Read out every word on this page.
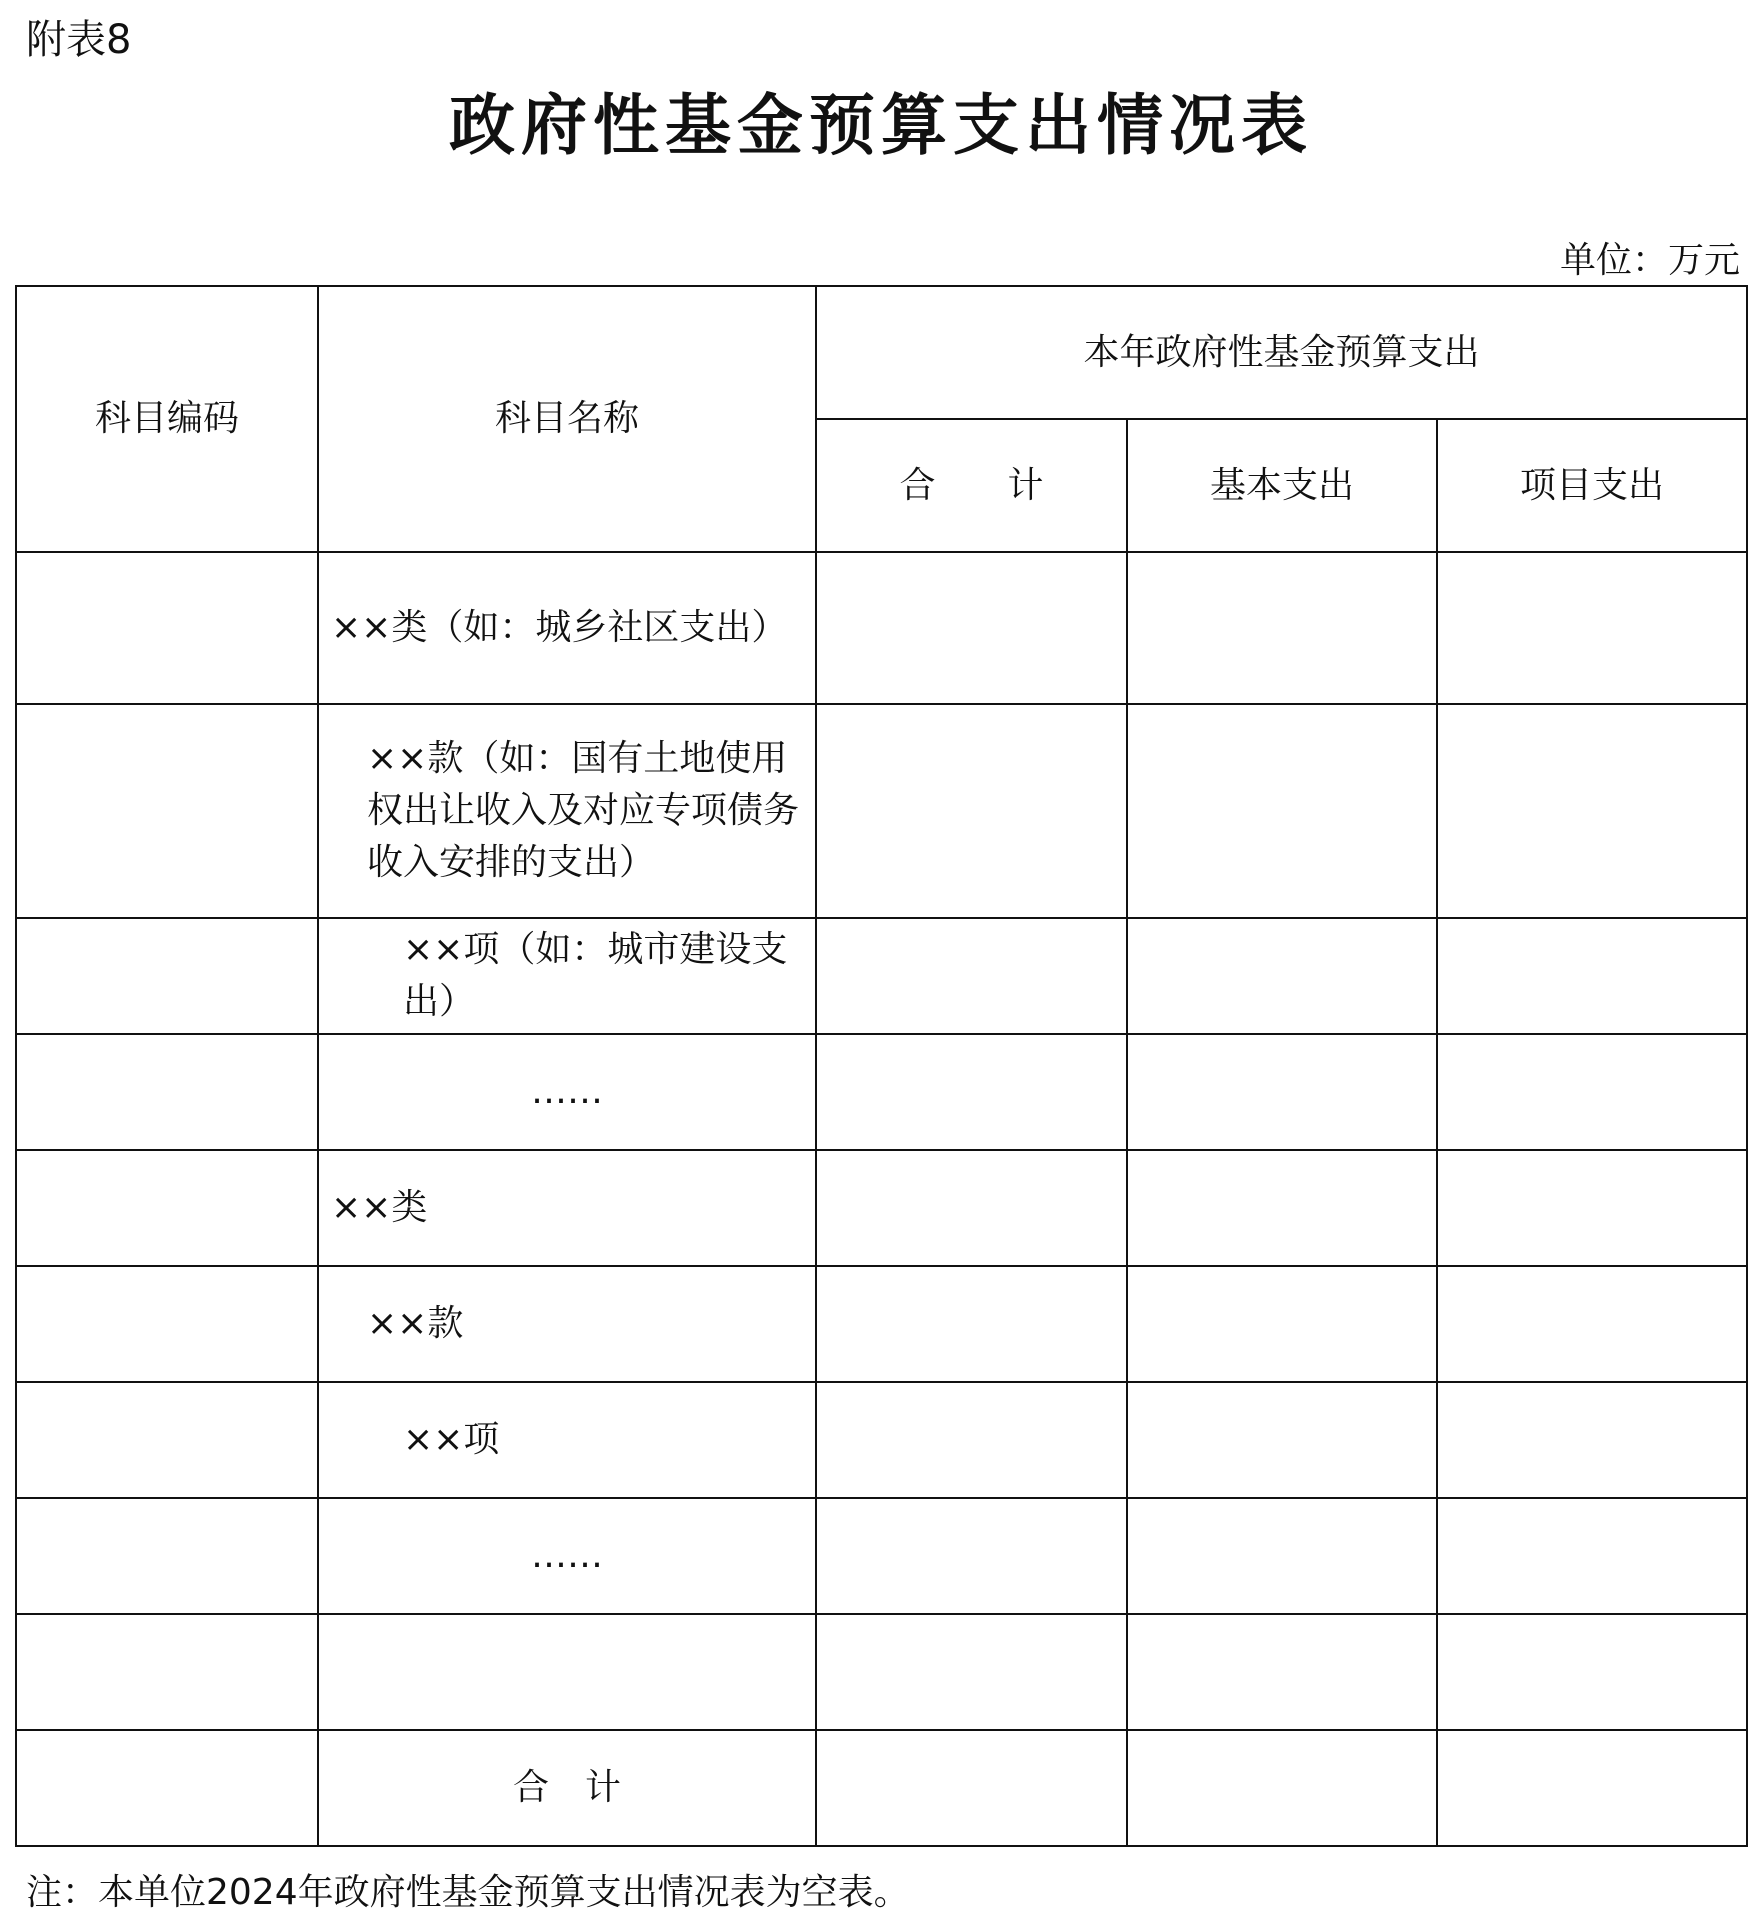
附表8
政府性基金预算支出情况表
单位：万元
科目编码	科目名称	本年政府性基金预算支出		
		合　　计	基本支出	项目支出
	××类（如：城乡社区支出）			
	××款（如：国有土地使用权出让收入及对应专项债务收入安排的支出）			
	××项（如：城市建设支出）			
	……			
	××类			
	××款			
	××项			
	……			

	合　计			
注：本单位2024年政府性基金预算支出情况表为空表。
